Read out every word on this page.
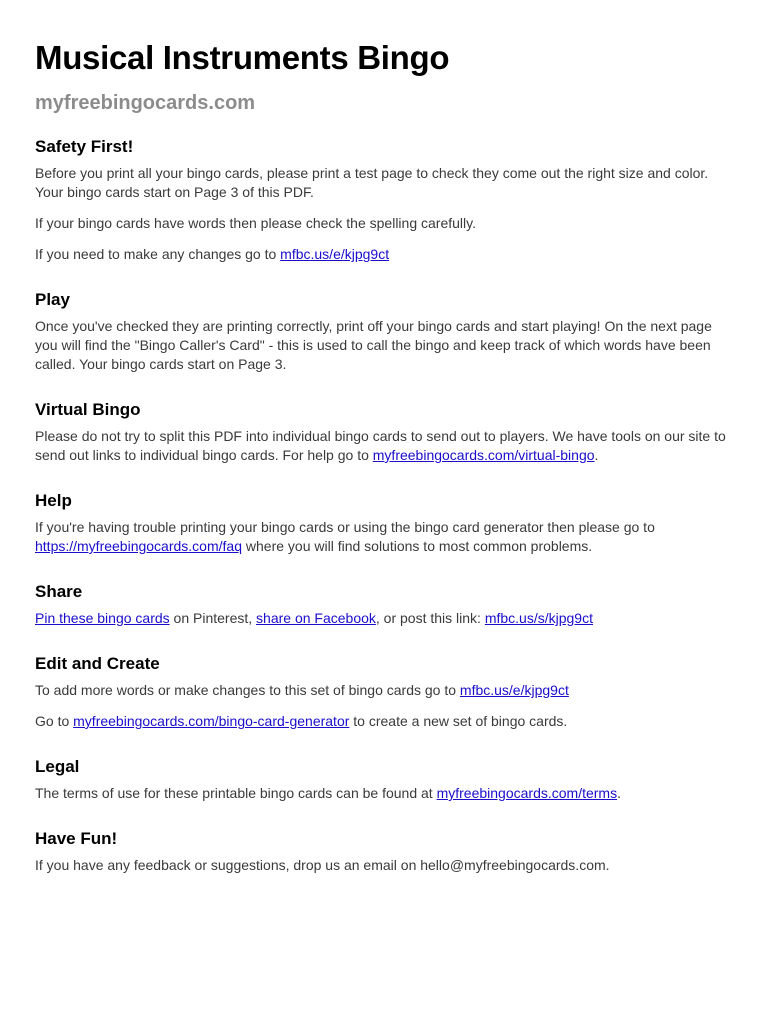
Musical Instruments Bingo
myfreebingocards.com
Safety First!

Before you print all your bingo cards, please print a test page to check they come out the right size and color. Your bingo cards start on Page 3 of this PDF.

If your bingo cards have words then please check the spelling carefully.

If you need to make any changes go to mfbc.us/e/kjpg9ct

Play

Once you've checked they are printing correctly, print off your bingo cards and start playing! On the next page you will find the "Bingo Caller's Card" - this is used to call the bingo and keep track of which words have been called. Your bingo cards start on Page 3.

Virtual Bingo

Please do not try to split this PDF into individual bingo cards to send out to players. We have tools on our site to send out links to individual bingo cards. For help go to myfreebingocards.com/virtual-bingo.

Help

If you're having trouble printing your bingo cards or using the bingo card generator then please go to https://myfreebingocards.com/faq where you will find solutions to most common problems.

Share

Pin these bingo cards on Pinterest, share on Facebook, or post this link: mfbc.us/s/kjpg9ct

Edit and Create

To add more words or make changes to this set of bingo cards go to mfbc.us/e/kjpg9ct

Go to myfreebingocards.com/bingo-card-generator to create a new set of bingo cards.

Legal

The terms of use for these printable bingo cards can be found at myfreebingocards.com/terms.

Have Fun!

If you have any feedback or suggestions, drop us an email on hello@myfreebingocards.com.
